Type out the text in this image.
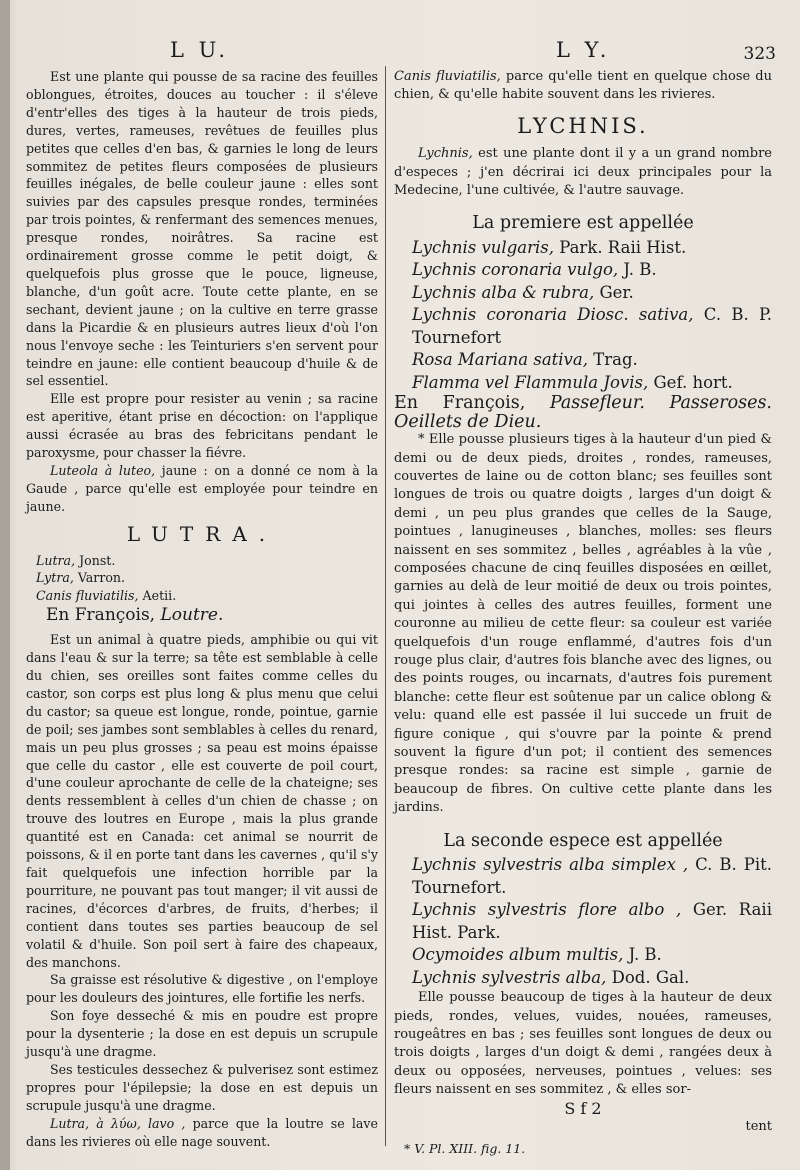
L U.	L Y.	323

Est une plante qui pousse de sa racine des feuilles oblongues, étroites, douces au toucher : il s'éleve d'entr'elles des tiges à la hauteur de trois pieds, dures, vertes, rameuses, revêtues de feuilles plus petites que celles d'en bas, & garnies le long de leurs sommitez de petites fleurs composées de plusieurs feuilles inégales, de belle couleur jaune : elles sont suivies par des capsules presque rondes, terminées par trois pointes, & renfermant des semences menues, presque rondes, noirâtres. Sa racine est ordinairement grosse comme le petit doigt, & quelquefois plus grosse que le pouce, ligneuse, blanche, d'un goût acre. Toute cette plante, en se sechant, devient jaune ; on la cultive en terre grasse dans la Picardie & en plusieurs autres lieux d'où l'on nous l'envoye seche : les Teinturiers s'en servent pour teindre en jaune: elle contient beaucoup d'huile & de sel essentiel.

Elle est propre pour resister au venin ; sa racine est aperitive, étant prise en décoction: on l'applique aussi écrasée au bras des febricitans pendant le paroxysme, pour chasser la fiévre.

Luteola à luteo, jaune : on a donné ce nom à la Gaude , parce qu'elle est employée pour teindre en jaune.

LUTRA.
Lutra, Jonst.
Lytra, Varron.
Canis fluviatilis, Aetii.

En François, Loutre.

Est un animal à quatre pieds, amphibie ou qui vit dans l'eau & sur la terre; sa tête est semblable à celle du chien, ses oreilles sont faites comme celles du castor, son corps est plus long & plus menu que celui du castor; sa queue est longue, ronde, pointue, garnie de poil; ses jambes sont semblables à celles du renard, mais un peu plus grosses ; sa peau est moins épaisse que celle du castor , elle est couverte de poil court, d'une couleur aprochante de celle de la chateigne; ses dents ressemblent à celles d'un chien de chasse ; on trouve des loutres en Europe , mais la plus grande quantité est en Canada: cet animal se nourrit de poissons, & il en porte tant dans les cavernes , qu'il s'y fait quelquefois une infection horrible par la pourriture, ne pouvant pas tout manger; il vit aussi de racines, d'écorces d'arbres, de fruits, d'herbes; il contient dans toutes ses parties beaucoup de sel volatil & d'huile. Son poil sert à faire des chapeaux, des manchons.

Sa graisse est résolutive & digestive , on l'employe pour les douleurs des jointures, elle fortifie les nerfs.

Son foye desseché & mis en poudre est propre pour la dysenterie ; la dose en est depuis un scrupule jusqu'à une dragme.

Ses testicules dessechez & pulverisez sont estimez propres pour l'épilepsie; la dose en est depuis un scrupule jusqu'à une dragme.

Lutra, à λύω, lavo , parce que la loutre se lave dans les rivieres où elle nage souvent.

Canis fluviatilis, parce qu'elle tient en quelque chose du chien, & qu'elle habite souvent dans les rivieres.

LYCHNIS.

Lychnis, est une plante dont il y a un grand nombre d'especes ; j'en décrirai ici deux principales pour la Medecine, l'une cultivée, & l'autre sauvage.

La premiere est appellée
Lychnis vulgaris, Park. Raii Hist.
Lychnis coronaria vulgo, J. B.
Lychnis alba & rubra, Ger.
Lychnis coronaria Diosc. sativa, C. B. P. Tournefort
Rosa Mariana sativa, Trag.
Flamma vel Flammula Jovis, Gef. hort.

En François, Passefleur. Passeroses. Oeillets de Dieu.

* Elle pousse plusieurs tiges à la hauteur d'un pied & demi ou de deux pieds, droites , rondes, rameuses, couvertes de laine ou de cotton blanc; ses feuilles sont longues de trois ou quatre doigts , larges d'un doigt & demi , un peu plus grandes que celles de la Sauge, pointues , lanugineuses , blanches, molles: ses fleurs naissent en ses sommitez , belles , agréables à la vûe , composées chacune de cinq feuilles disposées en œillet, garnies au delà de leur moitié de deux ou trois pointes, qui jointes à celles des autres feuilles, forment une couronne au milieu de cette fleur: sa couleur est variée quelquefois d'un rouge enflammé, d'autres fois d'un rouge plus clair, d'autres fois blanche avec des lignes, ou des points rouges, ou incarnats, d'autres fois purement blanche: cette fleur est soûtenue par un calice oblong & velu: quand elle est passée il lui succede un fruit de figure conique , qui s'ouvre par la pointe & prend souvent la figure d'un pot; il contient des semences presque rondes: sa racine est simple , garnie de beaucoup de fibres. On cultive cette plante dans les jardins.

La seconde espece est appellée
Lychnis sylvestris alba simplex , C. B. Pit. Tournefort.
Lychnis sylvestris flore albo , Ger. Raii Hist. Park.
Ocymoides album multis, J. B.
Lychnis sylvestris alba, Dod. Gal.

Elle pousse beaucoup de tiges à la hauteur de deux pieds, rondes, velues, vuides, nouées, rameuses, rougeâtres en bas ; ses feuilles sont longues de deux ou trois doigts , larges d'un doigt & demi , rangées deux à deux ou opposées, nerveuses, pointues , velues: ses fleurs naissent en ses sommitez , & elles sor-

S f 2
tent
* V. Pl. XIII. fig. 11.
